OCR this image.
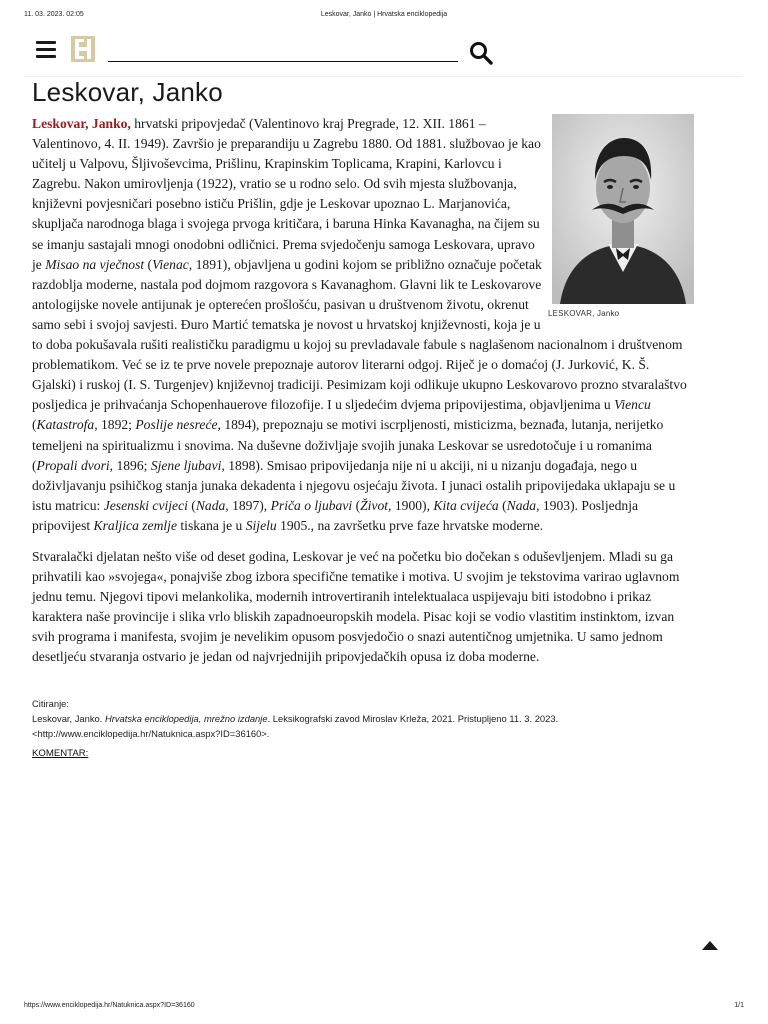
11. 03. 2023. 02:05	Leskovar, Janko | Hrvatska enciklopedija
Leskovar, Janko
LESKOVAR, Janko

Leskovar, Janko, hrvatski pripovjedač (Valentinovo kraj Pregrade, 12. XII. 1861 – Valentinovo, 4. II. 1949). Završio je preparandiju u Zagrebu 1880. Od 1881. službovao je kao učitelj u Valpovu, Šljivoševcima, Prišlinu, Krapinskim Toplicama, Krapini, Karlovcu i Zagrebu. Nakon umirovljenja (1922), vratio se u rodno selo. Od svih mjesta službovanja, književni povjesničari posebno ističu Prišlin, gdje je Leskovar upoznao L. Marjanovića, skupljača narodnoga blaga i svojega prvoga kritičara, i baruna Hinka Kavanagha, na čijem su se imanju sastajali mnogi onodobni odličnici. Prema svjedočenju samoga Leskovara, upravo je Misao na vječnost (Vienac, 1891), objavljena u godini kojom se približno označuje početak razdoblja moderne, nastala pod dojmom razgovora s Kavanaghom. Glavni lik te Leskovarove antologijske novele antijunak je opterećen prošlošću, pasivan u društvenom životu, okrenut samo sebi i svojoj savjesti. Đuro Martić tematska je novost u hrvatskoj književnosti, koja je u to doba pokušavala rušiti realističku paradigmu u kojoj su prevladavale fabule s naglašenom nacionalnom i društvenom problematikom. Već se iz te prve novele prepoznaje autorov literarni odgoj. Riječ je o domaćoj (J. Jurković, K. Š. Gjalski) i ruskoj (I. S. Turgenjev) književnoj tradiciji. Pesimizam koji odlikuje ukupno Leskovarovo prozno stvaralaštvo posljedica je prihvaćanja Schopenhauerove filozofije. I u sljedećim dvjema pripovijestima, objavljenima u Viencu (Katastrofa, 1892; Poslije nesreće, 1894), prepoznaju se motivi iscrpljenosti, misticizma, beznađa, lutanja, nerijetko temeljeni na spiritualizmu i snovima. Na duševne doživljaje svojih junaka Leskovar se usredotočuje i u romanima (Propali dvori, 1896; Sjene ljubavi, 1898). Smisao pripovijedanja nije ni u akciji, ni u nizanju događaja, nego u doživljavanju psihičkog stanja junaka dekadenta i njegovu osjećaju života. I junaci ostalih pripovijedaka uklapaju se u istu matricu: Jesenski cvijeci (Nada, 1897), Priča o ljubavi (Život, 1900), Kita cvijeća (Nada, 1903). Posljednja pripovijest Kraljica zemlje tiskana je u Sijelu 1905., na završetku prve faze hrvatske moderne.

Stvaralački djelatan nešto više od deset godina, Leskovar je već na početku bio dočekan s oduševljenjem. Mladi su ga prihvatili kao »svojega«, ponajviše zbog izbora specifične tematike i motiva. U svojim je tekstovima varirao uglavnom jednu temu. Njegovi tipovi melankolika, modernih introvertiranih intelektualaca uspijevaju biti istodobno i prikaz karaktera naše provincije i slika vrlo bliskih zapadnoeuropskih modela. Pisac koji se vodio vlastitim instinktom, izvan svih programa i manifesta, svojim je nevelikim opusom posvjedočio o snazi autentičnog umjetnika. U samo jednom desetljeću stvaranja ostvario je jedan od najvrjednijih pripovjedačkih opusa iz doba moderne.

Citiranje:
Leskovar, Janko. Hrvatska enciklopedija, mrežno izdanje. Leksikografski zavod Miroslav Krleža, 2021. Pristupljeno 11. 3. 2023.
<http://www.enciklopedija.hr/Natuknica.aspx?ID=36160>.
KOMENTAR:
https://www.enciklopedija.hr/Natuknica.aspx?ID=36160	1/1
